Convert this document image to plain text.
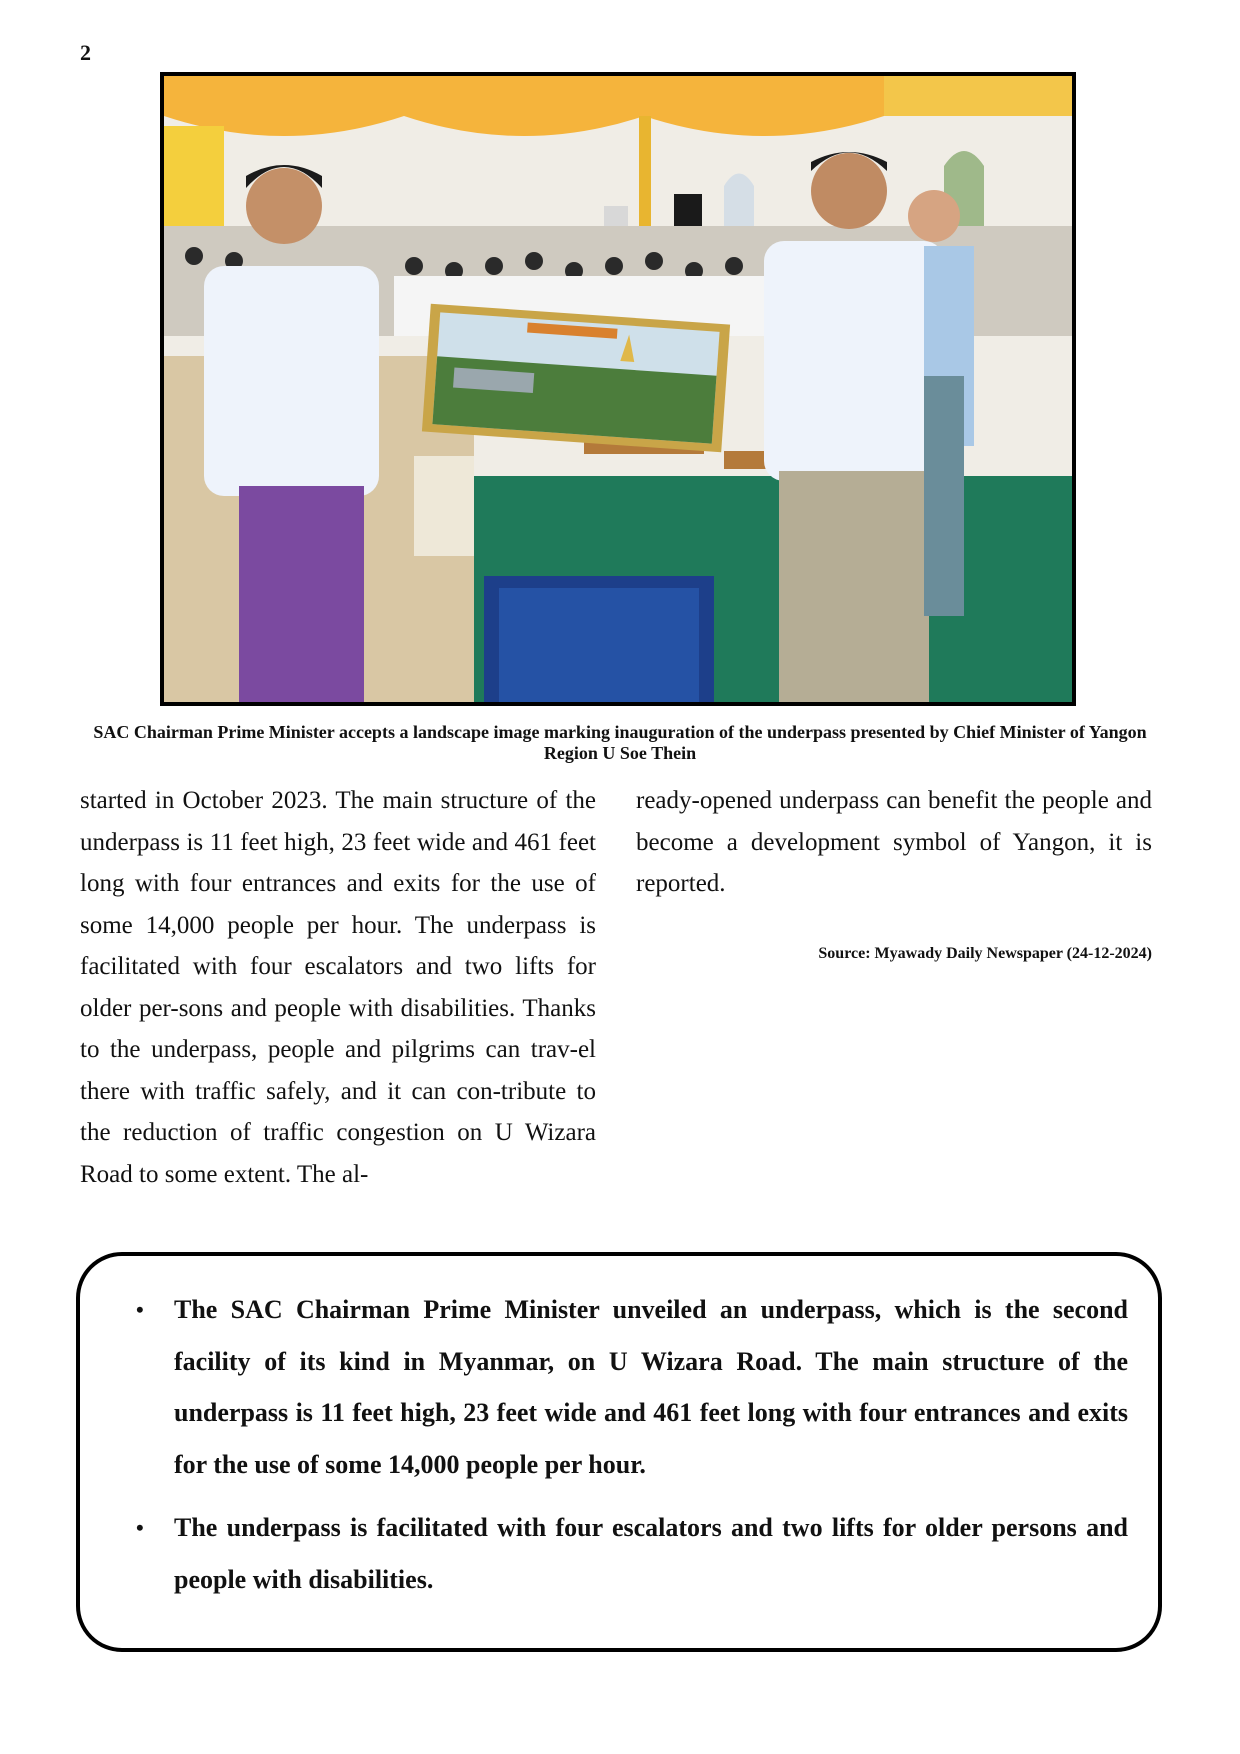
2
SAC Chairman Prime Minister accepts a landscape image marking inauguration of the underpass presented by Chief Minister of Yangon Region U Soe Thein
started in October 2023. The main structure of the underpass is 11 feet high, 23 feet wide and 461 feet long with four entrances and exits for the use of some 14,000 people per hour. The underpass is facilitated with four escalators and two lifts for older per-sons and people with disabilities. Thanks to the underpass, people and pilgrims can trav-el there with traffic safely, and it can con-tribute to the reduction of traffic congestion on U Wizara Road to some extent. The al-
ready-opened underpass can benefit the people and become a development symbol of Yangon, it is reported.
Source: Myawady Daily Newspaper (24-12-2024)
• The SAC Chairman Prime Minister unveiled an underpass, which is the second facility of its kind in Myanmar, on U Wizara Road. The main structure of the underpass is 11 feet high, 23 feet wide and 461 feet long with four entrances and exits for the use of some 14,000 people per hour.
• The underpass is facilitated with four escalators and two lifts for older persons and people with disabilities.
